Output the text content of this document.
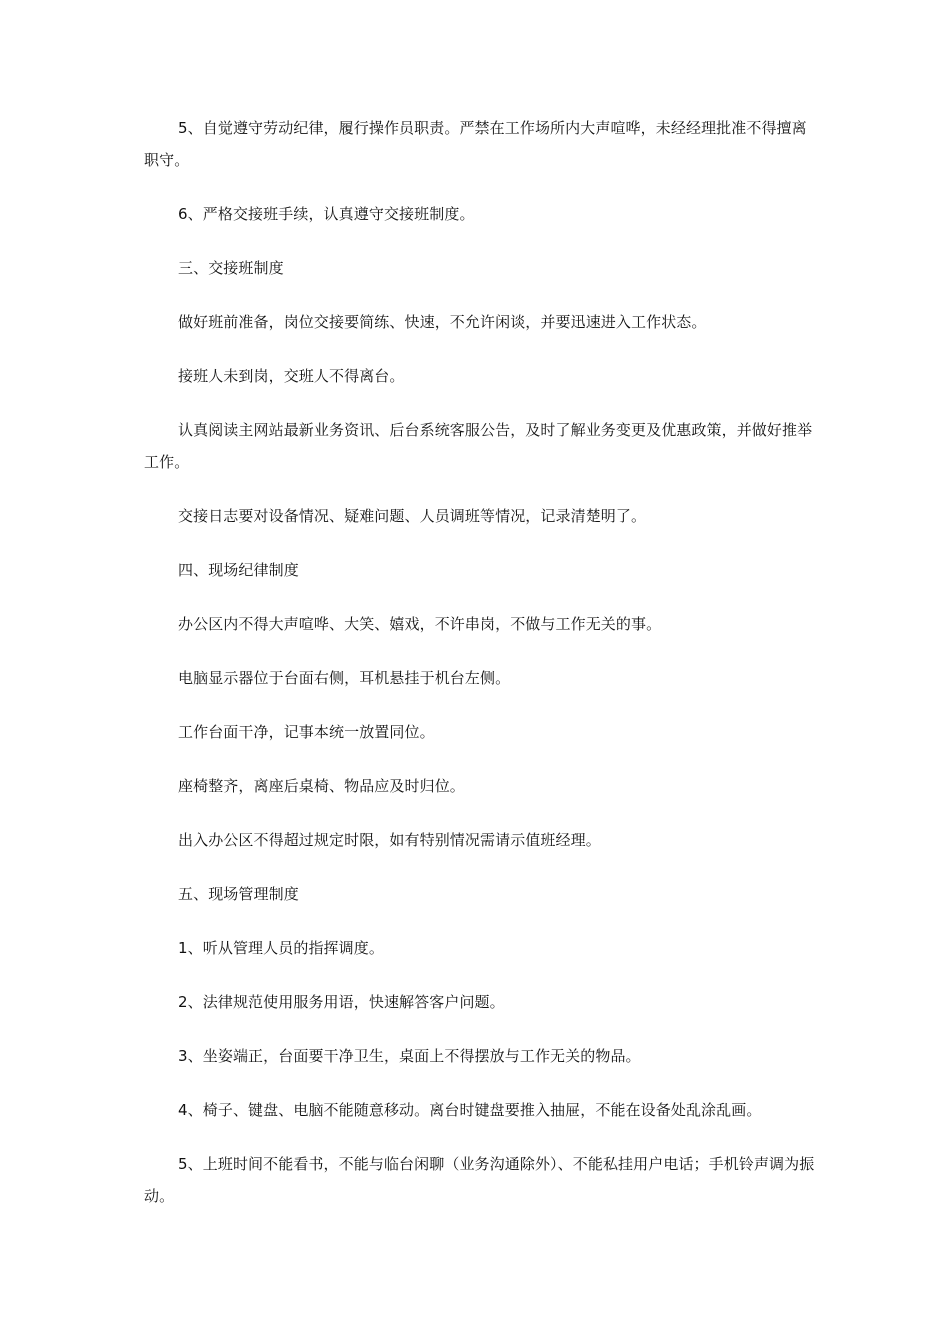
5、自觉遵守劳动纪律，履行操作员职责。严禁在工作场所内大声喧哗，未经经理批准不得擅离职守。

6、严格交接班手续，认真遵守交接班制度。

三、交接班制度

做好班前准备，岗位交接要简练、快速，不允许闲谈，并要迅速进入工作状态。

接班人未到岗，交班人不得离台。

认真阅读主网站最新业务资讯、后台系统客服公告，及时了解业务变更及优惠政策，并做好推举工作。

交接日志要对设备情况、疑难问题、人员调班等情况，记录清楚明了。

四、现场纪律制度

办公区内不得大声喧哗、大笑、嬉戏，不许串岗，不做与工作无关的事。

电脑显示器位于台面右侧，耳机悬挂于机台左侧。

工作台面干净，记事本统一放置同位。

座椅整齐，离座后桌椅、物品应及时归位。

出入办公区不得超过规定时限，如有特别情况需请示值班经理。

五、现场管理制度

1、听从管理人员的指挥调度。

2、法律规范使用服务用语，快速解答客户问题。

3、坐姿端正，台面要干净卫生，桌面上不得摆放与工作无关的物品。

4、椅子、键盘、电脑不能随意移动。离台时键盘要推入抽屉，不能在设备处乱涂乱画。

5、上班时间不能看书，不能与临台闲聊（业务沟通除外）、不能私挂用户电话；手机铃声调为振动。
